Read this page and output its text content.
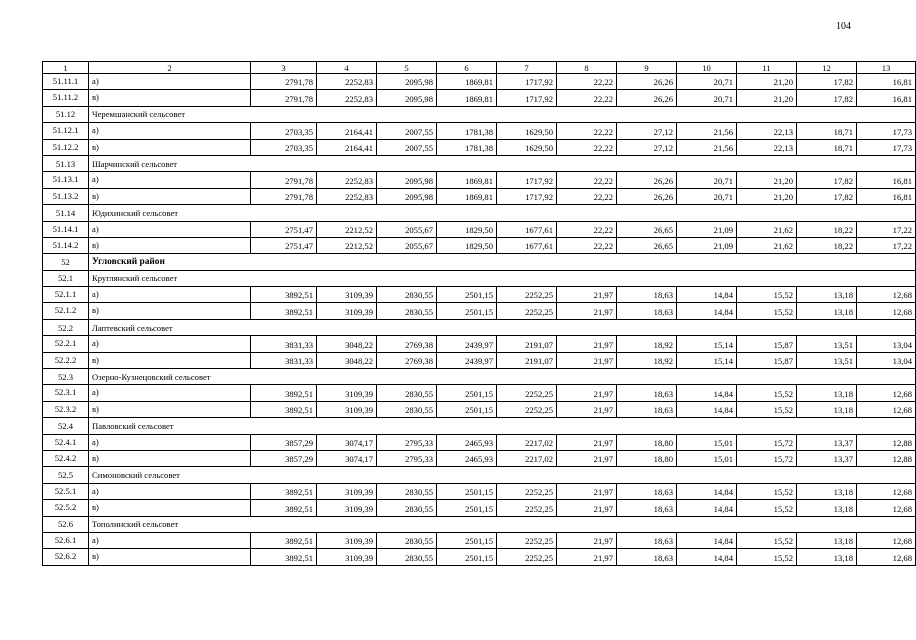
104
1	2	3	4	5	6	7	8	9	10	11	12	13
51.11.1	а)	2791,78	2252,83	2095,98	1869,81	1717,92	22,22	26,26	20,71	21,20	17,82	16,81
51.11.2	в)	2791,78	2252,83	2095,98	1869,81	1717,92	22,22	26,26	20,71	21,20	17,82	16,81
51.12	Черемшанский сельсовет											
51.12.1	а)	2703,35	2164,41	2007,55	1781,38	1629,50	22,22	27,12	21,56	22,13	18,71	17,73
51.12.2	в)	2703,35	2164,41	2007,55	1781,38	1629,50	22,22	27,12	21,56	22,13	18,71	17,73
51.13	Шарчинский сельсовет											
51.13.1	а)	2791,78	2252,83	2095,98	1869,81	1717,92	22,22	26,26	20,71	21,20	17,82	16,81
51.13.2	в)	2791,78	2252,83	2095,98	1869,81	1717,92	22,22	26,26	20,71	21,20	17,82	16,81
51.14	Юдихинский сельсовет											
51.14.1	а)	2751,47	2212,52	2055,67	1829,50	1677,61	22,22	26,65	21,09	21,62	18,22	17,22
51.14.2	в)	2751,47	2212,52	2055,67	1829,50	1677,61	22,22	26,65	21,09	21,62	18,22	17,22
52	Угловский район											
52.1	Круглянский сельсовет											
52.1.1	а)	3892,51	3109,39	2830,55	2501,15	2252,25	21,97	18,63	14,84	15,52	13,18	12,68
52.1.2	в)	3892,51	3109,39	2830,55	2501,15	2252,25	21,97	18,63	14,84	15,52	13,18	12,68
52.2	Лаптевский сельсовет											
52.2.1	а)	3831,33	3048,22	2769,38	2439,97	2191,07	21,97	18,92	15,14	15,87	13,51	13,04
52.2.2	в)	3831,33	3048,22	2769,38	2439,97	2191,07	21,97	18,92	15,14	15,87	13,51	13,04
52.3	Озерно-Кузнецовский сельсовет											
52.3.1	а)	3892,51	3109,39	2830,55	2501,15	2252,25	21,97	18,63	14,84	15,52	13,18	12,68
52.3.2	в)	3892,51	3109,39	2830,55	2501,15	2252,25	21,97	18,63	14,84	15,52	13,18	12,68
52.4	Павловский сельсовет											
52.4.1	а)	3857,29	3074,17	2795,33	2465,93	2217,02	21,97	18,80	15,01	15,72	13,37	12,88
52.4.2	в)	3857,29	3074,17	2795,33	2465,93	2217,02	21,97	18,80	15,01	15,72	13,37	12,88
52.5	Симоновский сельсовет											
52.5.1	а)	3892,51	3109,39	2830,55	2501,15	2252,25	21,97	18,63	14,84	15,52	13,18	12,68
52.5.2	в)	3892,51	3109,39	2830,55	2501,15	2252,25	21,97	18,63	14,84	15,52	13,18	12,68
52.6	Тополинский сельсовет											
52.6.1	а)	3892,51	3109,39	2830,55	2501,15	2252,25	21,97	18,63	14,84	15,52	13,18	12,68
52.6.2	в)	3892,51	3109,39	2830,55	2501,15	2252,25	21,97	18,63	14,84	15,52	13,18	12,68
